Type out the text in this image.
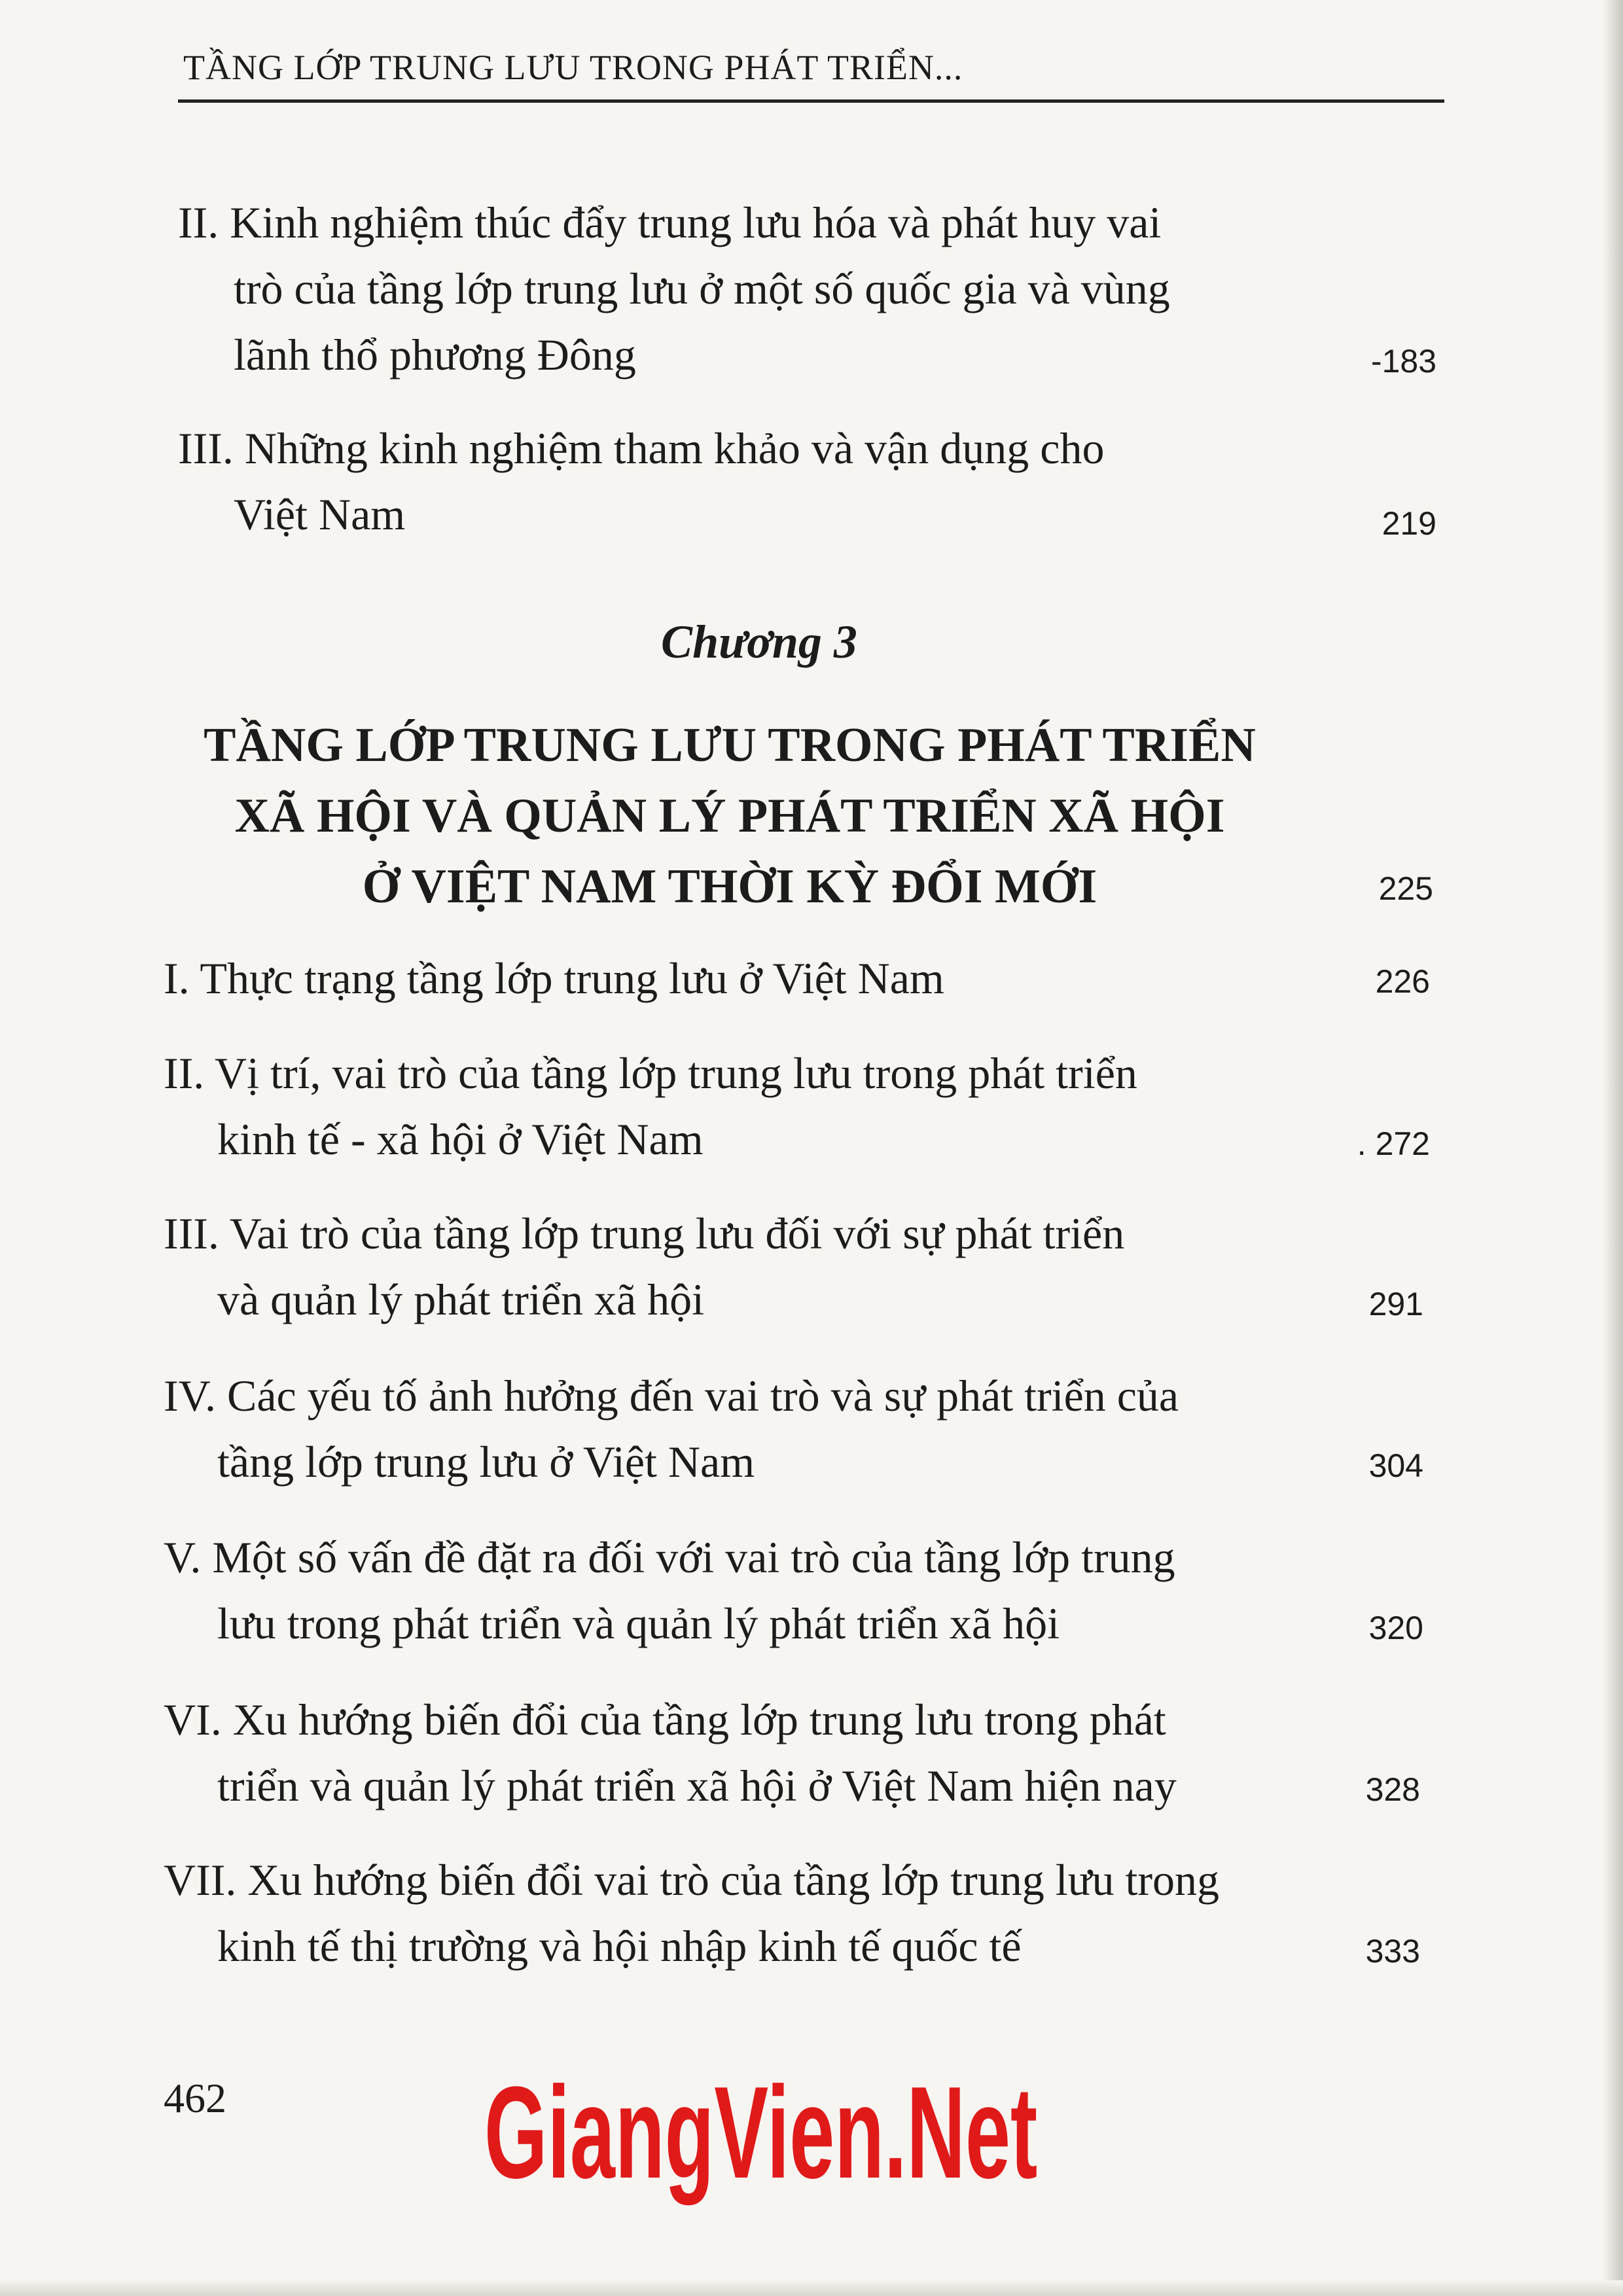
TẦNG LỚP TRUNG LƯU TRONG PHÁT TRIỂN...
II. Kinh nghiệm thúc đẩy trung lưu hóa và phát huy vai
trò của tầng lớp trung lưu ở một số quốc gia và vùng
lãnh thổ phương Đông	-183
III. Những kinh nghiệm tham khảo và vận dụng cho
Việt Nam	219
Chương 3
TẦNG LỚP TRUNG LƯU TRONG PHÁT TRIỂN
XÃ HỘI VÀ QUẢN LÝ PHÁT TRIỂN XÃ HỘI
Ở VIỆT NAM THỜI KỲ ĐỔI MỚI	225
I. Thực trạng tầng lớp trung lưu ở Việt Nam	226
II. Vị trí, vai trò của tầng lớp trung lưu trong phát triển
kinh tế - xã hội ở Việt Nam	. 272
III. Vai trò của tầng lớp trung lưu đối với sự phát triển
và quản lý phát triển xã hội	291
IV. Các yếu tố ảnh hưởng đến vai trò và sự phát triển của
tầng lớp trung lưu ở Việt Nam	304
V. Một số vấn đề đặt ra đối với vai trò của tầng lớp trung
lưu trong phát triển và quản lý phát triển xã hội	320
VI. Xu hướng biến đổi của tầng lớp trung lưu trong phát
triển và quản lý phát triển xã hội ở Việt Nam hiện nay	328
VII. Xu hướng biến đổi vai trò của tầng lớp trung lưu trong
kinh tế thị trường và hội nhập kinh tế quốc tế	333
462 GiangVien.Net
